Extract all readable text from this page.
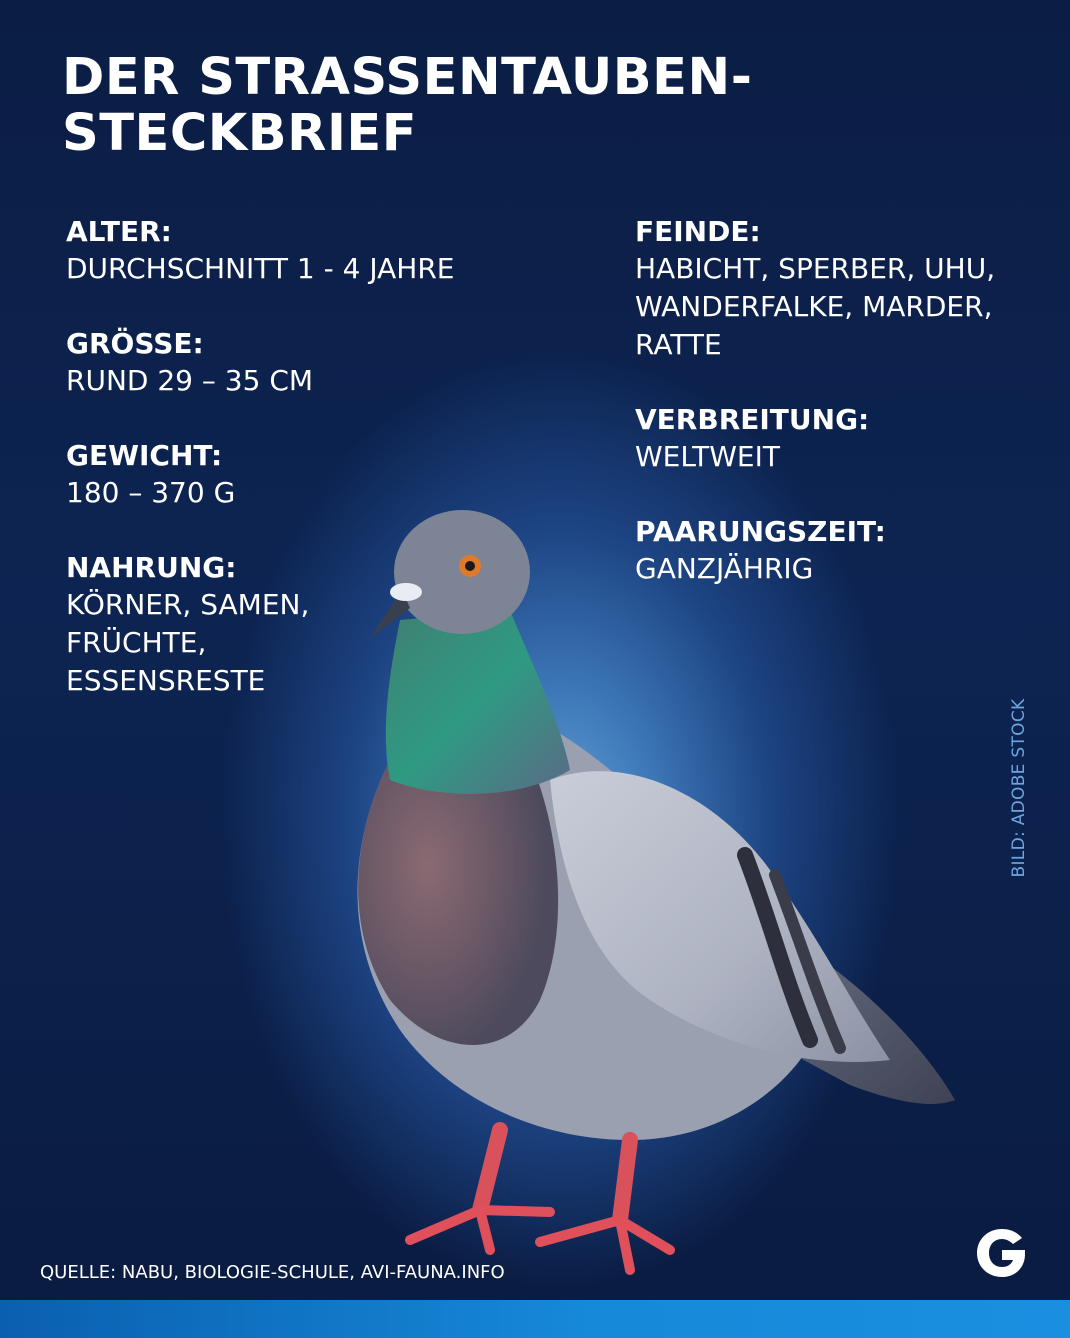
DER STRASSENTAUBEN-
STECKBRIEF
ALTER:
DURCHSCHNITT 1 - 4 JAHRE
GRÖSSE:
RUND 29 – 35 CM
GEWICHT:
180 – 370 G
NAHRUNG:
KÖRNER, SAMEN,
FRÜCHTE,
ESSENSRESTE
FEINDE:
HABICHT, SPERBER, UHU,
WANDERFALKE, MARDER,
RATTE
VERBREITUNG:
WELTWEIT
PAARUNGSZEIT:
GANZJÄHRIG
BILD: ADOBE STOCK
QUELLE: NABU, BIOLOGIE-SCHULE, AVI-FAUNA.INFO
